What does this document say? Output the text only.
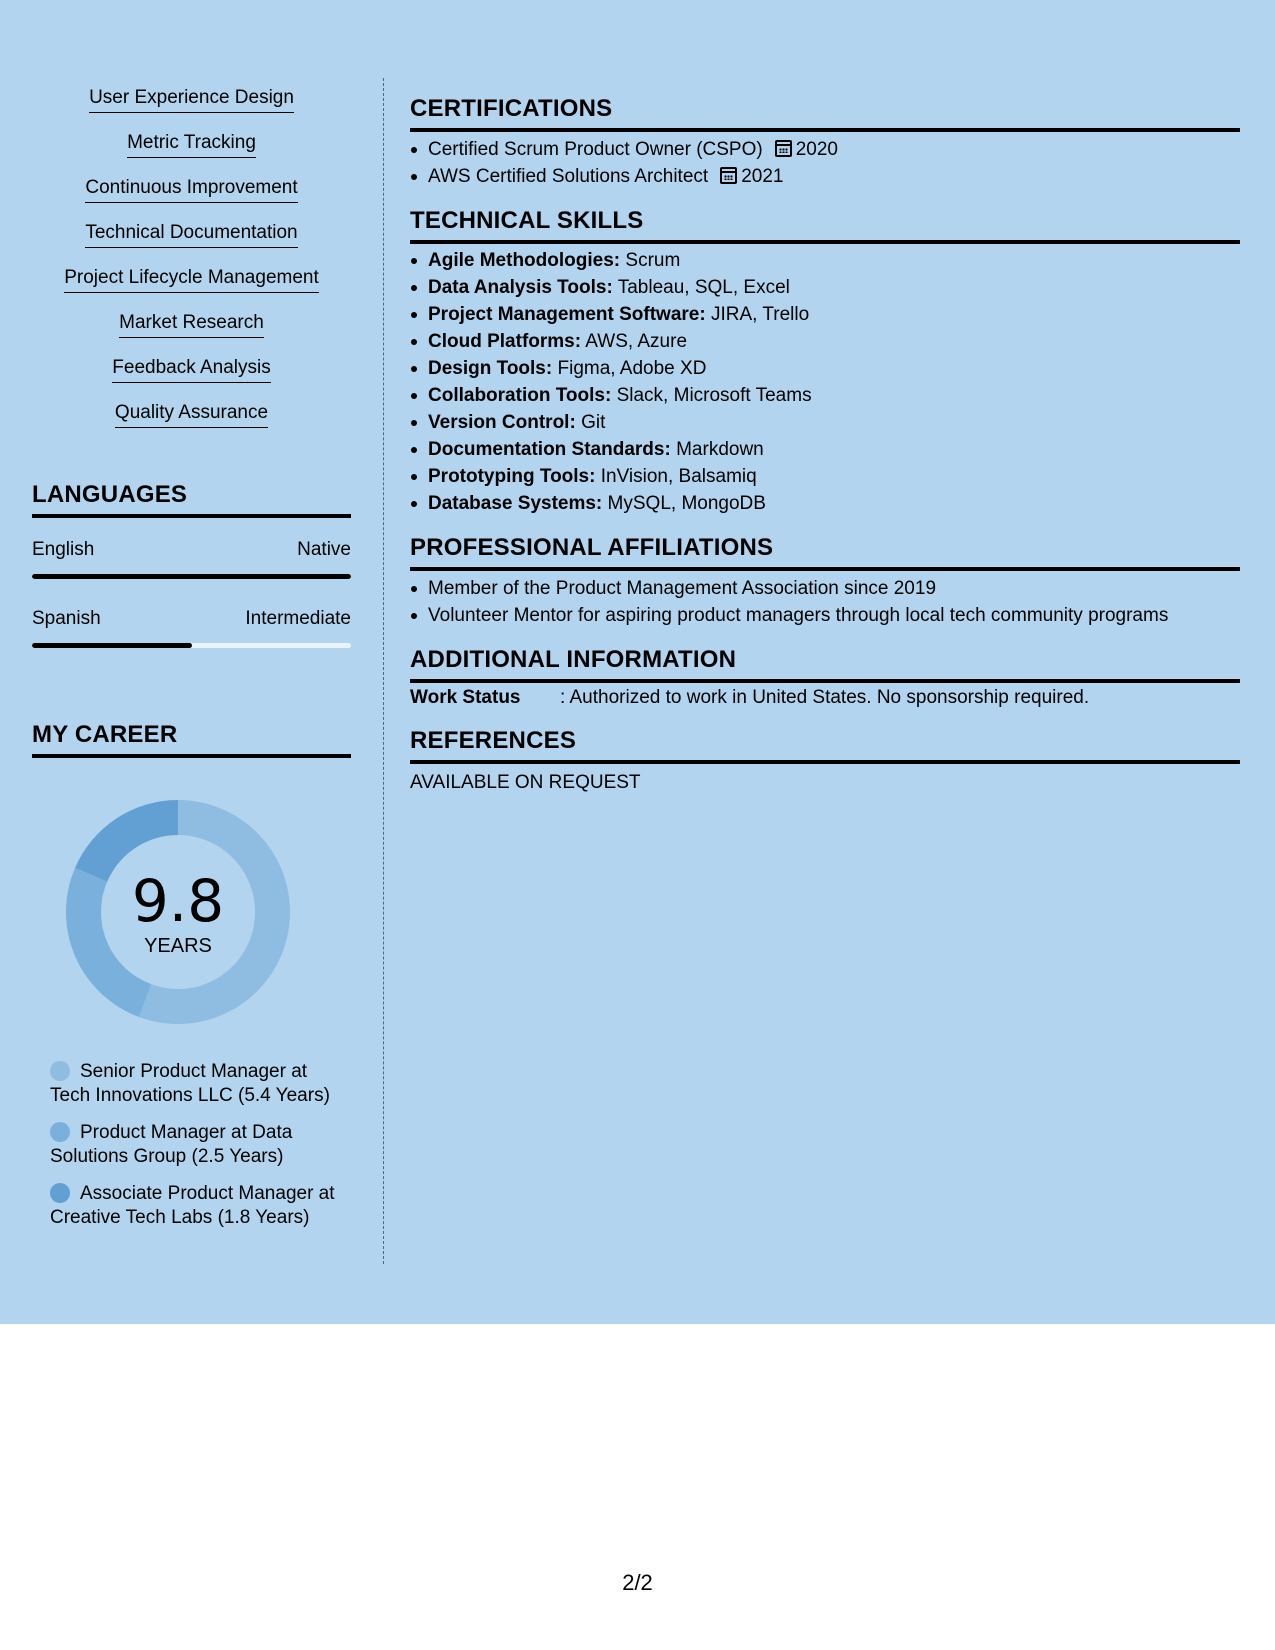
User Experience Design
Metric Tracking
Continuous Improvement
Technical Documentation
Project Lifecycle Management
Market Research
Feedback Analysis
Quality Assurance
LANGUAGES
English	Native
Spanish	Intermediate
MY CAREER
9.8
YEARS
Senior Product Manager at Tech Innovations LLC (5.4 Years)
Product Manager at Data Solutions Group (2.5 Years)
Associate Product Manager at Creative Tech Labs (1.8 Years)
CERTIFICATIONS
Certified Scrum Product Owner (CSPO) 2020
AWS Certified Solutions Architect 2021
TECHNICAL SKILLS
Agile Methodologies: Scrum
Data Analysis Tools: Tableau, SQL, Excel
Project Management Software: JIRA, Trello
Cloud Platforms: AWS, Azure
Design Tools: Figma, Adobe XD
Collaboration Tools: Slack, Microsoft Teams
Version Control: Git
Documentation Standards: Markdown
Prototyping Tools: InVision, Balsamiq
Database Systems: MySQL, MongoDB
PROFESSIONAL AFFILIATIONS
Member of the Product Management Association since 2019
Volunteer Mentor for aspiring product managers through local tech community programs
ADDITIONAL INFORMATION
Work Status : Authorized to work in United States. No sponsorship required.
REFERENCES
AVAILABLE ON REQUEST
2/2
